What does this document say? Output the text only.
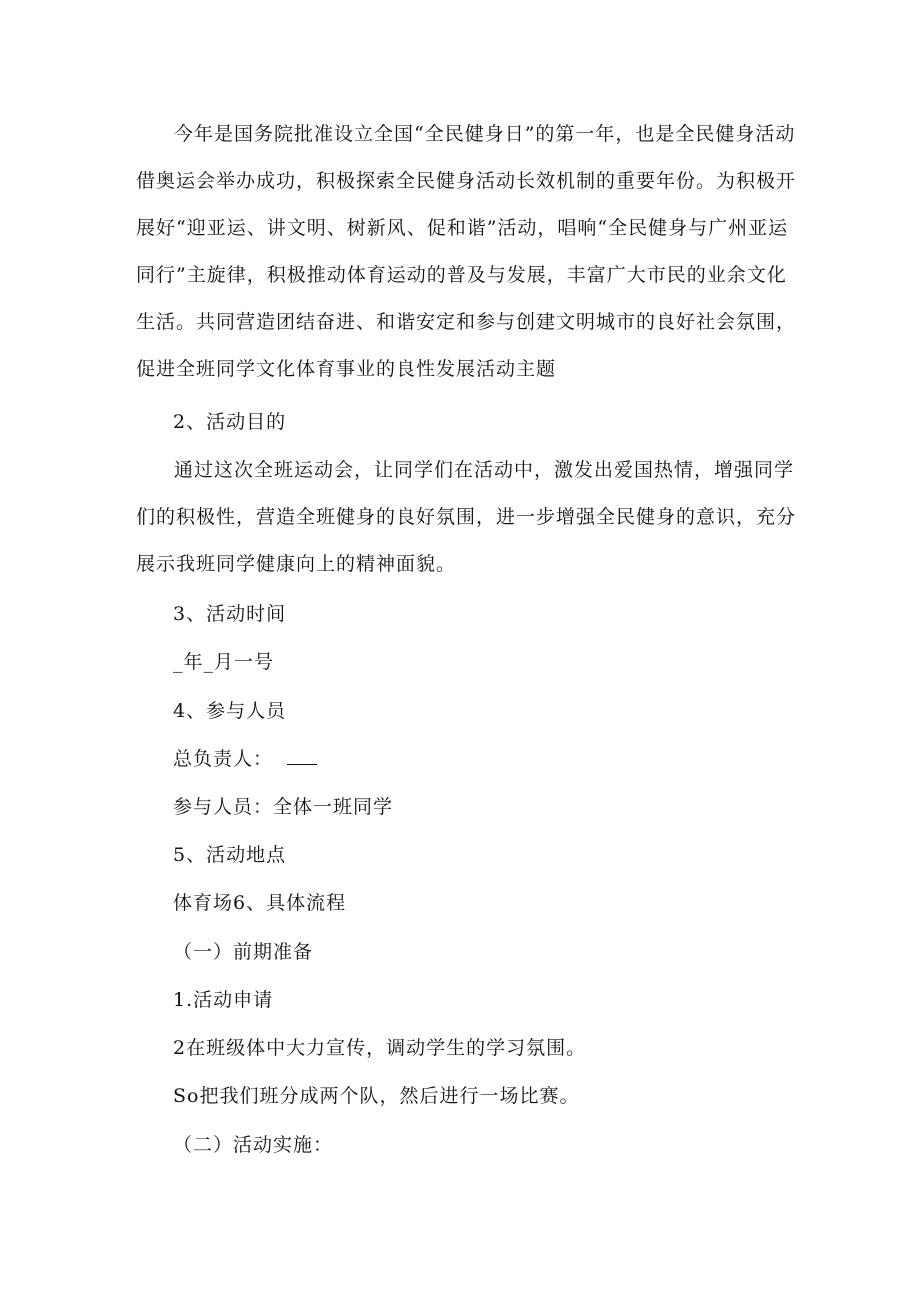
今年是国务院批准设立全国“全民健身日”的第一年，也是全民健身活动借奥运会举办成功，积极探索全民健身活动长效机制的重要年份。为积极开展好“迎亚运、讲文明、树新风、促和谐”活动，唱响“全民健身与广州亚运同行”主旋律，积极推动体育运动的普及与发展，丰富广大市民的业余文化生活。共同营造团结奋进、和谐安定和参与创建文明城市的良好社会氛围，促进全班同学文化体育事业的良性发展活动主题

2、活动目的

通过这次全班运动会，让同学们在活动中，激发出爱国热情，增强同学们的积极性，营造全班健身的良好氛围，进一步增强全民健身的意识，充分展示我班同学健康向上的精神面貌。

3、活动时间

_年_月一号

4、参与人员

总负责人：

参与人员：全体一班同学

5、活动地点

体育场6、具体流程

（一）前期准备

1.活动申请

2在班级体中大力宣传，调动学生的学习氛围。

So把我们班分成两个队，然后进行一场比赛。

（二）活动实施：
